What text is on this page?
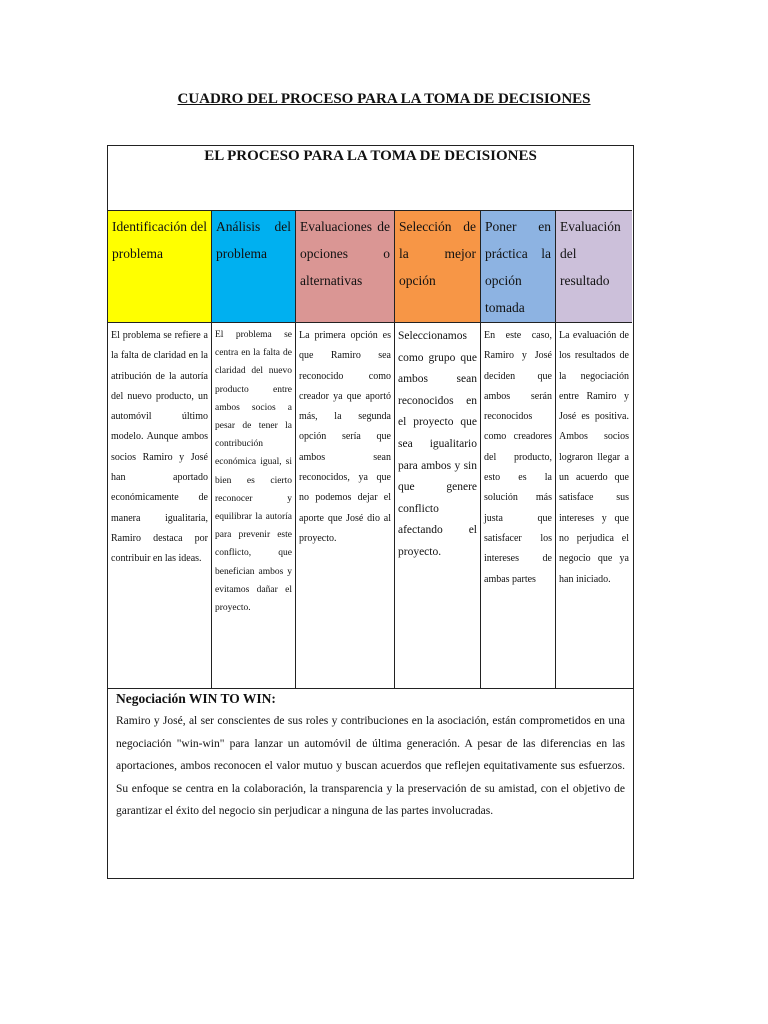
CUADRO DEL PROCESO PARA LA TOMA DE DECISIONES
EL PROCESO PARA LA TOMA DE DECISIONES
Identificación del problema
Análisis del problema
Evaluaciones de opciones o alternativas
Selección de la mejor opción
Poner en práctica la opción tomada
Evaluación del resultado
El problema se refiere a la falta de claridad en la atribución de la autoría del nuevo producto, un automóvil último modelo. Aunque ambos socios Ramiro y José han aportado económicamente de manera igualitaria, Ramiro destaca por contribuir en las ideas.
El problema se centra en la falta de claridad del nuevo producto entre ambos socios a pesar de tener la contribución económica igual, si bien es cierto reconocer y equilibrar la autoría para prevenir este conflicto, que benefician ambos y evitamos dañar el proyecto.
La primera opción es que Ramiro sea reconocido como creador ya que aportó más, la segunda opción sería que ambos sean reconocidos, ya que no podemos dejar el aporte que José dio al proyecto.
Seleccionamos como grupo que ambos sean reconocidos en el proyecto que sea igualitario para ambos y sin que genere conflicto afectando el proyecto.
En este caso, Ramiro y José deciden que ambos serán reconocidos como creadores del producto, esto es la solución más justa que satisfacer los intereses de ambas partes
La evaluación de los resultados de la negociación entre Ramiro y José es positiva. Ambos socios lograron llegar a un acuerdo que satisface sus intereses y que no perjudica el negocio que ya han iniciado.

Negociación WIN TO WIN:

Ramiro y José, al ser conscientes de sus roles y contribuciones en la asociación, están comprometidos en una negociación "win-win" para lanzar un automóvil de última generación. A pesar de las diferencias en las aportaciones, ambos reconocen el valor mutuo y buscan acuerdos que reflejen equitativamente sus esfuerzos. Su enfoque se centra en la colaboración, la transparencia y la preservación de su amistad, con el objetivo de garantizar el éxito del negocio sin perjudicar a ninguna de las partes involucradas.
